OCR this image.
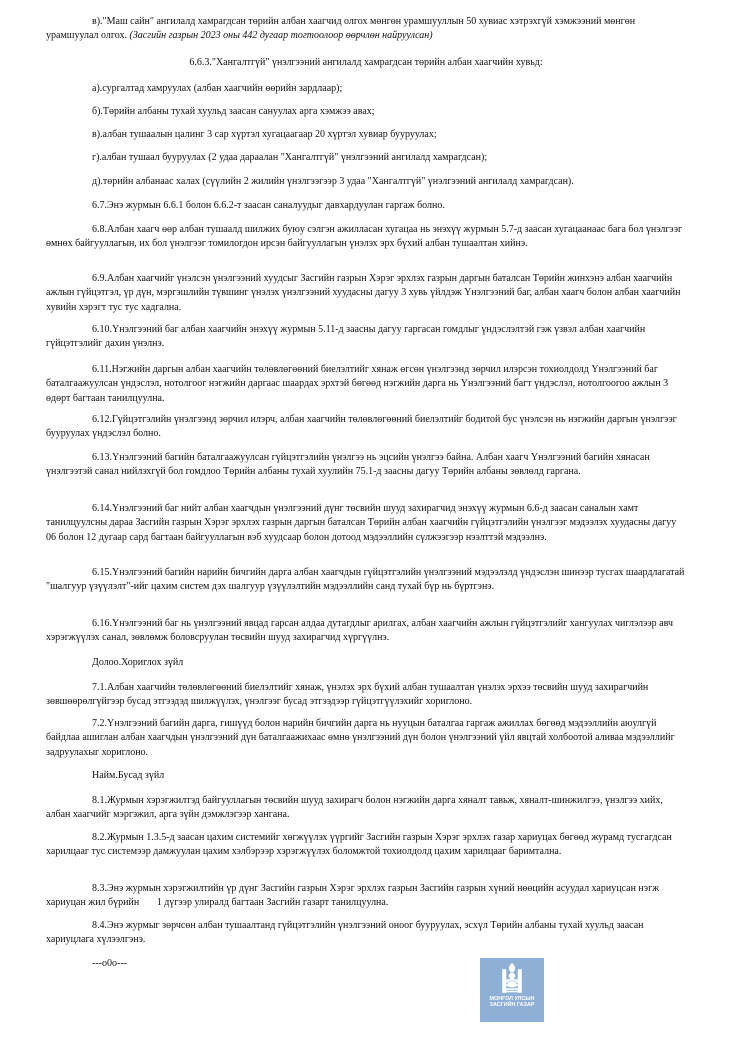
в)."Маш сайн" ангилалд хамрагдсан төрийн албан хаагчид олгох мөнгөн урамшууллын 50 хувиас хэтрэхгүй хэмжээний мөнгөн урамшуулал олгох. (Засгийн газрын 2023 оны 442 дугаар тогтоолоор өөрчлөн найруулсан)

6.6.3."Хангалтгүй" үнэлгээний ангилалд хамрагдсан төрийн албан хаагчийн хувьд:

а).сургалтад хамруулах (албан хаагчийн өөрийн зардлаар);

б).Төрийн албаны тухай хуульд заасан сануулах арга хэмжээ авах;

в).албан тушаалын цалинг 3 сар хүртэл хугацаагаар 20 хүртэл хувиар бууруулах;

г).албан тушаал бууруулах (2 удаа дараалан "Хангалтгүй" үнэлгээний ангилалд хамрагдсан);

д).төрийн албанаас халах (сүүлийн 2 жилийн үнэлгээгээр 3 удаа "Хангалтгүй" үнэлгээний ангилалд хамрагдсан).

6.7.Энэ журмын 6.6.1 болон 6.6.2-т заасан саналуудыг давхардуулан гаргаж болно.

6.8.Албан хаагч өөр албан тушаалд шилжих буюу сэлгэн ажилласан хугацаа нь энэхүү журмын 5.7-д заасан хугацаанаас бага бол үнэлгээг өмнөх байгууллагын, их бол үнэлгээг томилогдон ирсэн байгууллагын үнэлэх эрх бүхий албан тушаалтан хийнэ.

6.9.Албан хаагчийг үнэлсэн үнэлгээний хуудсыг Засгийн газрын Хэрэг эрхлэх газрын даргын баталсан Төрийн жинхэнэ албан хаагчийн ажлын гүйцэтгэл, үр дүн, мэргэшлийн түвшинг үнэлэх үнэлгээний хуудасны дагуу 3 хувь үйлдэж Үнэлгээний баг, албан хаагч болон албан хаагчийн хувийн хэрэгт тус тус хадгална.

6.10.Үнэлгээний баг албан хаагчийн энэхүү журмын 5.11-д заасны дагуу гаргасан гомдлыг үндэслэлтэй гэж үзвэл албан хаагчийн гүйцэтгэлийг дахин үнэлнэ.

6.11.Нэгжийн даргын албан хаагчийн төлөвлөгөөний биелэлтийг хянаж өгсөн үнэлгээнд зөрчил илэрсэн тохиолдолд Үнэлгээний баг баталгаажуулсан үндэслэл, нотолгоог нэгжийн даргаас шаардах эрхтэй бөгөөд нэгжийн дарга нь Үнэлгээний багт үндэслэл, нотолгоогоо ажлын 3 өдөрт багтаан танилцуулна.

6.12.Гүйцэтгэлийн үнэлгээнд зөрчил илэрч, албан хаагчийн төлөвлөгөөний биелэлтийг бодитой бус үнэлсэн нь нэгжийн даргын үнэлгээг бууруулах үндэслэл болно.

6.13.Үнэлгээний багийн баталгаажуулсан гүйцэтгэлийн үнэлгээ нь эцсийн үнэлгээ байна. Албан хаагч Үнэлгээний багийн хянасан үнэлгээтэй санал нийлэхгүй бол гомдлоо Төрийн албаны тухай хуулийн 75.1-д заасны дагуу Төрийн албаны зөвлөлд гаргана.

6.14.Үнэлгээний баг нийт албан хаагчдын үнэлгээний дүнг төсвийн шууд захирагчид энэхүү журмын 6.6-д заасан саналын хамт танилцуулсны дараа Засгийн газрын Хэрэг эрхлэх газрын даргын баталсан Төрийн албан хаагчийн гүйцэтгэлийн үнэлгээг мэдээлэх хуудасны дагуу 06 болон 12 дугаар сард багтаан байгууллагын вэб хуудсаар болон дотоод мэдээллийн сүлжээгээр нээлттэй мэдээлнэ.

6.15.Үнэлгээний багийн нарийн бичгийн дарга албан хаагчдын гүйцэтгэлийн үнэлгээний мэдээлэлд үндэслэн шинээр тусгах шаардлагатай "шалгуур үзүүлэлт"-ийг цахим систем дэх шалгуур үзүүлэлтийн мэдээллийн санд тухай бүр нь бүртгэнэ.

6.16.Үнэлгээний баг нь үнэлгээний явцад гарсан алдаа дутагдлыг арилгах, албан хаагчийн ажлын гүйцэтгэлийг хангуулах чиглэлээр авч хэрэгжүүлэх санал, зөвлөмж боловсруулан төсвийн шууд захирагчид хүргүүлнэ.

Долоо.Хориглох зүйл

7.1.Албан хаагчийн төлөвлөгөөний биелэлтийг хянаж, үнэлэх эрх бүхий албан тушаалтан үнэлэх эрхээ төсвийн шууд захирагчийн зөвшөөрөлгүйгээр бусад этгээдэд шилжүүлэх, үнэлгээг бусад этгээдээр гүйцэтгүүлэхийг хориглоно.

7.2.Үнэлгээний багийн дарга, гишүүд болон нарийн бичгийн дарга нь нууцын баталгаа гаргаж ажиллах бөгөөд мэдээллийн аюулгүй байдлаа ашиглан албан хаагчдын үнэлгээний дүн баталгаажихаас өмнө үнэлгээний дүн болон үнэлгээний үйл явцтай холбоотой аливаа мэдээллийг задруулахыг хориглоно.

Найм.Бусад зүйл

8.1.Журмын хэрэгжилтэд байгууллагын төсвийн шууд захирагч болон нэгжийн дарга хяналт тавьж, хяналт-шинжилгээ, үнэлгээ хийх, албан хаагчийг мэргэжил, арга зүйн дэмжлэгээр хангана.

8.2.Журмын 1.3.5-д заасан цахим системийг хөгжүүлэх үүргийг Засгийн газрын Хэрэг эрхлэх газар хариуцах бөгөөд журамд тусгагдсан харилцааг тус системээр дамжуулан цахим хэлбэрээр хэрэгжүүлэх боломжтой тохиолдолд цахим харилцааг баримтална.

8.3.Энэ журмын хэрэгжилтийн үр дүнг Засгийн газрын Хэрэг эрхлэх газрын Засгийн газрын хүний нөөцийн асуудал хариуцсан нэгж хариуцан жил бүрийн       1 дүгээр улиралд багтаан Засгийн газарт танилцуулна.

8.4.Энэ журмыг зөрчсөн албан тушаалтанд гүйцэтгэлийн үнэлгээний оноог бууруулах, эсхүл Төрийн албаны тухай хуульд заасан хариуцлага хүлээлгэнэ.

---o0o---

МОНГОЛ УЛСЫН
ЗАСГИЙН ГАЗАР
